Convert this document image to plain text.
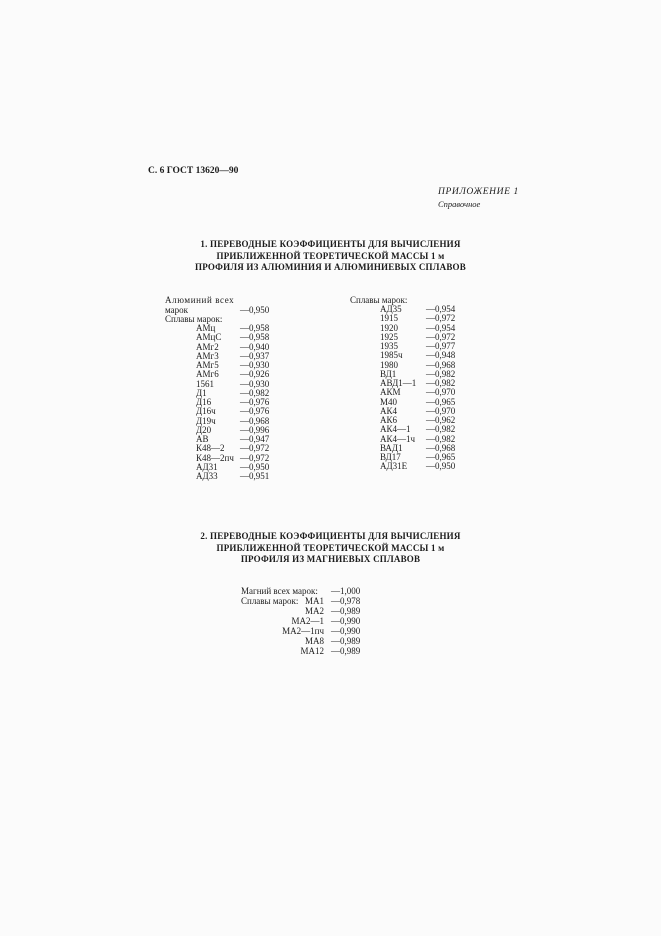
С. 6 ГОСТ 13620—90
ПРИЛОЖЕНИЕ 1
Справочное
1. ПЕРЕВОДНЫЕ КОЭФФИЦИЕНТЫ ДЛЯ ВЫЧИСЛЕНИЯ
ПРИБЛИЖЕННОЙ ТЕОРЕТИЧЕСКОЙ МАССЫ 1 м
ПРОФИЛЯ ИЗ АЛЮМИНИЯ И АЛЮМИНИЕВЫХ СПЛАВОВ
Алюминий всех
марок	—0,950
Сплавы марок:
АМц	—0,958
АМцС —0,958
АМг2 —0,940
АМг3 —0,937
АМг5 —0,930
АМг6 —0,926
1561	—0,930
Д1	—0,982
Д16	—0,976
Д16ч	—0,976
Д19ч	—0,968
Д20	—0,996
АВ	—0,947
К48—2 —0,972
К48—2пч —0,972
АД31 —0,950
АД33 —0,951
Сплавы марок:
АД35	—0,954
1915	—0,972
1920	—0,954
1925	—0,972
1935	—0,977
1985ч	—0,948
1980	—0,968
ВД1	—0,982
АВД1—1 —0,982
АКМ	—0,970
М40	—0,965
АК4	—0,970
АК6	—0,962
АК4—1 —0,982
АК4—1ч —0,982
ВАД1	—0,968
ВД17	—0,965
АД31Е —0,950
2. ПЕРЕВОДНЫЕ КОЭФФИЦИЕНТЫ ДЛЯ ВЫЧИСЛЕНИЯ
ПРИБЛИЖЕННОЙ ТЕОРЕТИЧЕСКОЙ МАССЫ 1 м
ПРОФИЛЯ ИЗ МАГНИЕВЫХ СПЛАВОВ
Магний всех марок: —1,000
Сплавы марок: МА1 —0,978
МА2 —0,989
МА2—1 —0,990
МА2—1пч —0,990
МА8 —0,989
МА12 —0,989
